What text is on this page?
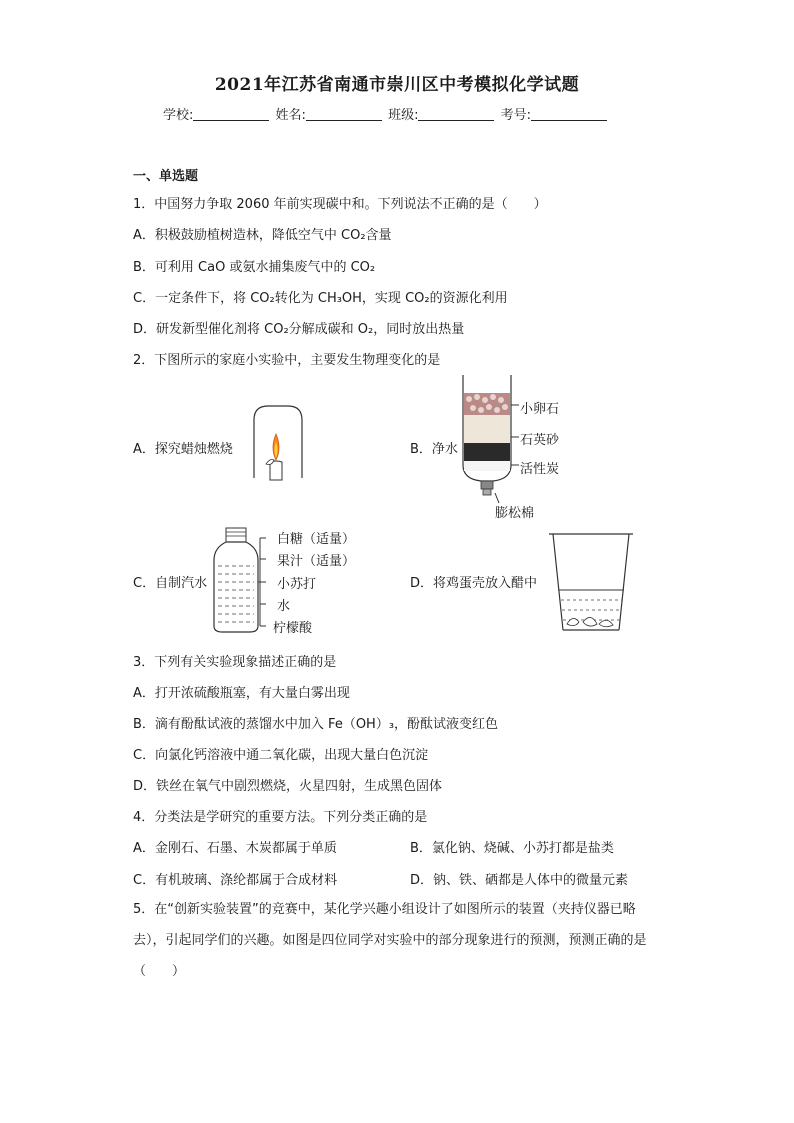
2021年江苏省南通市崇川区中考模拟化学试题
学校:	姓名:	班级:	考号:
一、单选题
1．中国努力争取 2060 年前实现碳中和。下列说法不正确的是（　　）
A．积极鼓励植树造林，降低空气中 CO₂含量
B．可利用 CaO 或氨水捕集废气中的 CO₂
C．一定条件下，将 CO₂转化为 CH₃OH，实现 CO₂的资源化利用
D．研发新型催化剂将 CO₂分解成碳和 O₂，同时放出热量
2．下图所示的家庭小实验中，主要发生物理变化的是
A．探究蜡烛燃烧	B．净水
小卵石
石英砂
活性炭
膨松棉
C．自制汽水
白糖（适量）
果汁（适量）
小苏打
水
柠檬酸
D．将鸡蛋壳放入醋中
3．下列有关实验现象描述正确的是
A．打开浓硫酸瓶塞，有大量白雾出现
B．滴有酚酞试液的蒸馏水中加入 Fe（OH）₃，酚酞试液变红色
C．向氯化钙溶液中通二氧化碳，出现大量白色沉淀
D．铁丝在氧气中剧烈燃烧，火星四射，生成黑色固体
4．分类法是学研究的重要方法。下列分类正确的是
A．金刚石、石墨、木炭都属于单质	B．氯化钠、烧碱、小苏打都是盐类
C．有机玻璃、涤纶都属于合成材料	D．钠、铁、硒都是人体中的微量元素
5．在“创新实验装置”的竞赛中，某化学兴趣小组设计了如图所示的装置（夹持仪器已略去），引起同学们的兴趣。如图是四位同学对实验中的部分现象进行的预测，预测正确的是（　　）
